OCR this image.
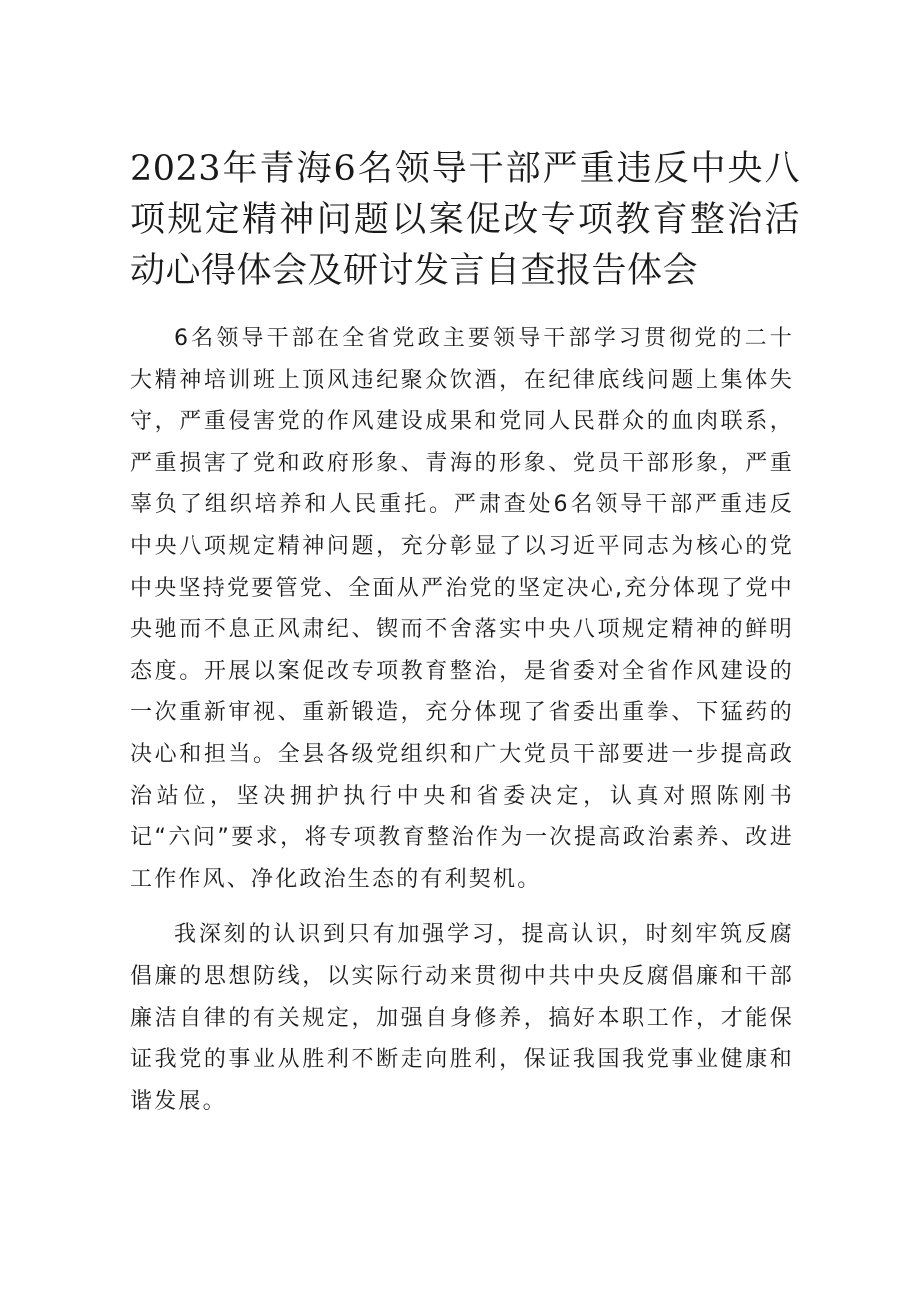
2023年青海6名领导干部严重违反中央八项规定精神问题以案促改专项教育整治活动心得体会及研讨发言自查报告体会

6名领导干部在全省党政主要领导干部学习贯彻党的二十大精神培训班上顶风违纪聚众饮酒，在纪律底线问题上集体失守，严重侵害党的作风建设成果和党同人民群众的血肉联系，严重损害了党和政府形象、青海的形象、党员干部形象，严重辜负了组织培养和人民重托。严肃查处6名领导干部严重违反中央八项规定精神问题，充分彰显了以习近平同志为核心的党中央坚持党要管党、全面从严治党的坚定决心,充分体现了党中央驰而不息正风肃纪、锲而不舍落实中央八项规定精神的鲜明态度。开展以案促改专项教育整治，是省委对全省作风建设的一次重新审视、重新锻造，充分体现了省委出重拳、下猛药的决心和担当。全县各级党组织和广大党员干部要进一步提高政治站位，坚决拥护执行中央和省委决定，认真对照陈刚书记“六问”要求，将专项教育整治作为一次提高政治素养、改进工作作风、净化政治生态的有利契机。

我深刻的认识到只有加强学习，提高认识，时刻牢筑反腐倡廉的思想防线，以实际行动来贯彻中共中央反腐倡廉和干部廉洁自律的有关规定，加强自身修养，搞好本职工作，才能保证我党的事业从胜利不断走向胜利，保证我国我党事业健康和谐发展。
